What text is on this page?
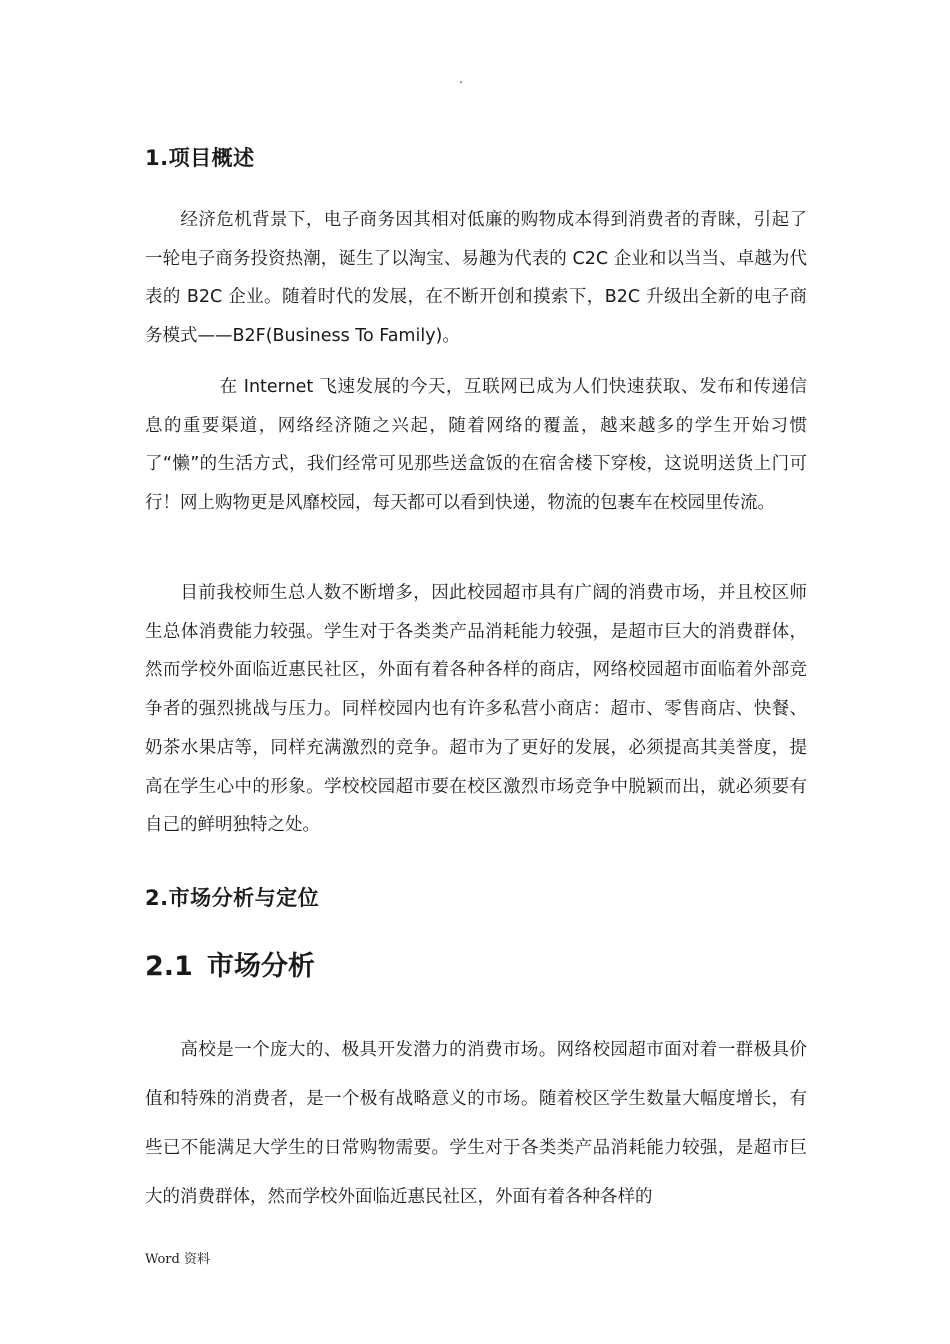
.
1.项目概述

经济危机背景下，电子商务因其相对低廉的购物成本得到消费者的青睐，引起了一轮电子商务投资热潮，诞生了以淘宝、易趣为代表的 C2C 企业和以当当、卓越为代表的 B2C 企业。随着时代的发展，在不断开创和摸索下，B2C 升级出全新的电子商务模式——B2F(Business To Family)。

在 Internet 飞速发展的今天，互联网已成为人们快速获取、发布和传递信息的重要渠道，网络经济随之兴起，随着网络的覆盖，越来越多的学生开始习惯了“懒”的生活方式，我们经常可见那些送盒饭的在宿舍楼下穿梭，这说明送货上门可行！网上购物更是风靡校园，每天都可以看到快递，物流的包裹车在校园里传流。

目前我校师生总人数不断增多，因此校园超市具有广阔的消费市场，并且校区师生总体消费能力较强。学生对于各类类产品消耗能力较强，是超市巨大的消费群体，然而学校外面临近惠民社区，外面有着各种各样的商店，网络校园超市面临着外部竞争者的强烈挑战与压力。同样校园内也有许多私营小商店：超市、零售商店、快餐、奶茶水果店等，同样充满激烈的竞争。超市为了更好的发展，必须提高其美誉度，提高在学生心中的形象。学校校园超市要在校区激烈市场竞争中脱颖而出，就必须要有自己的鲜明独特之处。

2.市场分析与定位
2.1 市场分析

高校是一个庞大的、极具开发潜力的消费市场。网络校园超市面对着一群极具价值和特殊的消费者，是一个极有战略意义的市场。随着校区学生数量大幅度增长，有些已不能满足大学生的日常购物需要。学生对于各类类产品消耗能力较强，是超市巨大的消费群体，然而学校外面临近惠民社区，外面有着各种各样的

Word 资料
